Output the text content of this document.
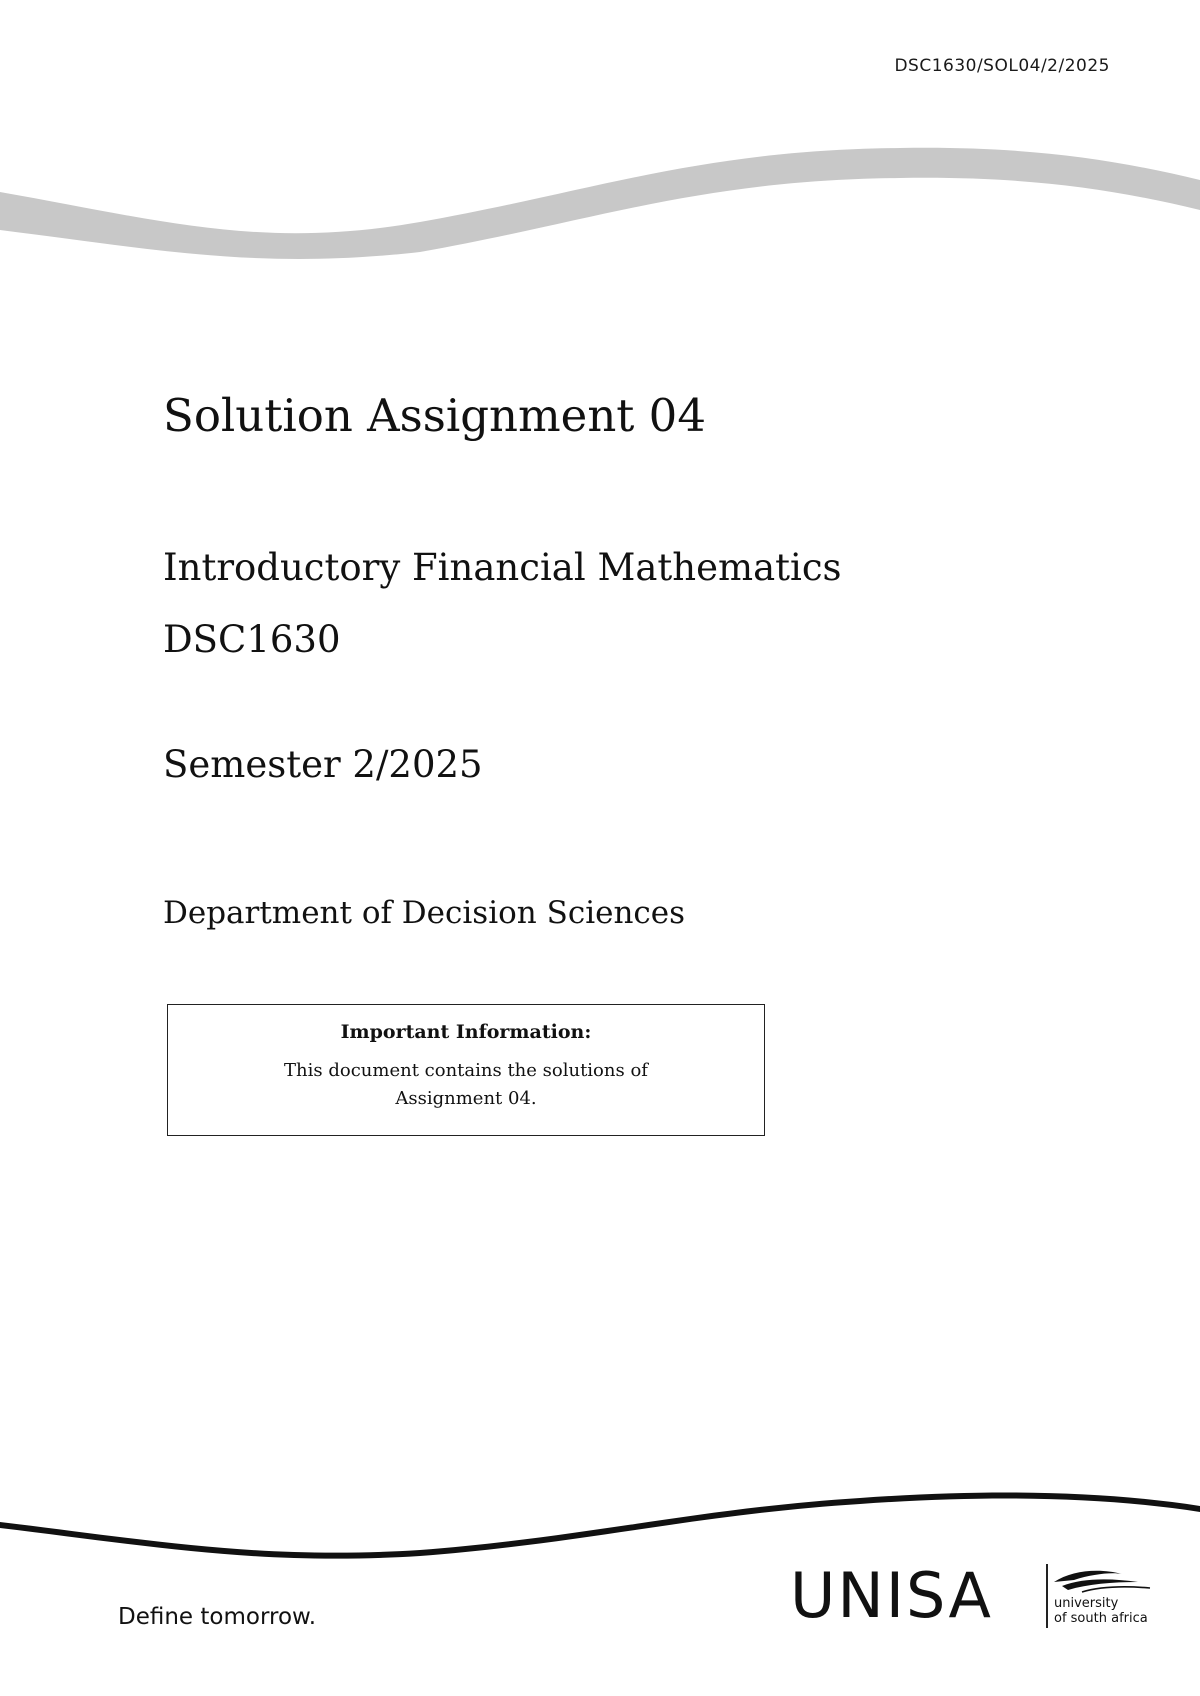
DSC1630/SOL04/2/2025
Solution Assignment 04
Introductory Financial Mathematics
DSC1630
Semester 2/2025
Department of Decision Sciences
Important Information:
This document contains the solutions of Assignment 04.
Define tomorrow.	UNISA	university
of south africa
